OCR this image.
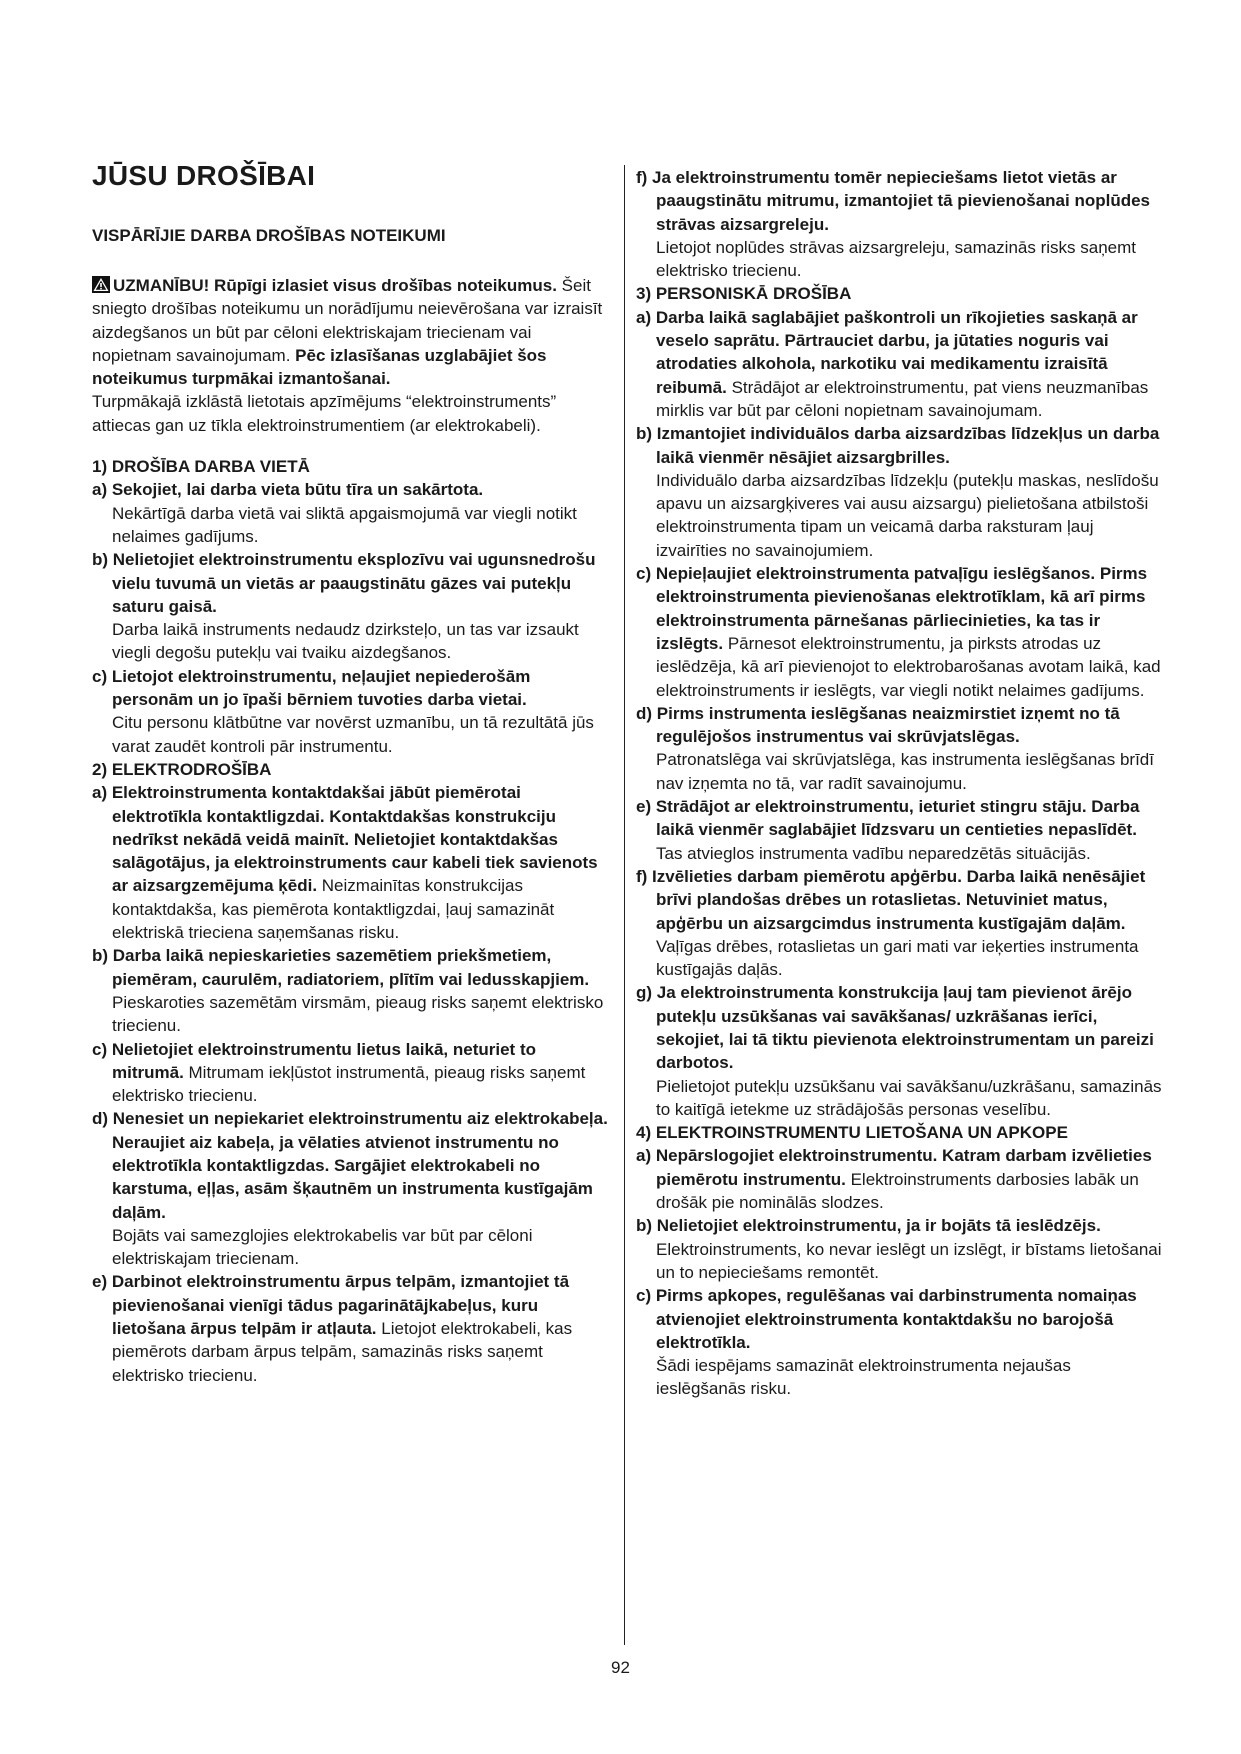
JŪSU DROŠĪBAI
VISPĀRĪJIE DARBA DROŠĪBAS NOTEIKUMI

UZMANĪBU! Rūpīgi izlasiet visus drošības noteikumus. Šeit sniegto drošības noteikumu un norādījumu neievērošana var izraisīt aizdegšanos un būt par cēloni elektriskajam triecienam vai nopietnam savainojumam. Pēc izlasīšanas uzglabājiet šos noteikumus turpmākai izmantošanai.

Turpmākajā izklāstā lietotais apzīmējums “elektroinstruments” attiecas gan uz tīkla elektroinstrumentiem (ar elektrokabeli).

1) DROŠĪBA DARBA VIETĀ

a) Sekojiet, lai darba vieta būtu tīra un sakārtota.
Nekārtīgā darba vietā vai sliktā apgaismojumā var viegli notikt nelaimes gadījums.

b) Nelietojiet elektroinstrumentu eksplozīvu vai ugunsnedrošu vielu tuvumā un vietās ar paaugstinātu gāzes vai putekļu saturu gaisā.
Darba laikā instruments nedaudz dzirksteļo, un tas var izsaukt viegli degošu putekļu vai tvaiku aizdegšanos.

c) Lietojot elektroinstrumentu, neļaujiet nepiederošām personām un jo īpaši bērniem tuvoties darba vietai.
Citu personu klātbūtne var novērst uzmanību, un tā rezultātā jūs varat zaudēt kontroli pār instrumentu.

2) ELEKTRODROŠĪBA

a) Elektroinstrumenta kontaktdakšai jābūt piemērotai elektrotīkla kontaktligzdai. Kontaktdakšas konstrukciju nedrīkst nekādā veidā mainīt. Nelietojiet kontaktdakšas salāgotājus, ja elektroinstruments caur kabeli tiek savienots ar aizsargzemējuma ķēdi. Neizmainītas konstrukcijas kontaktdakša, kas piemērota kontaktligzdai, ļauj samazināt elektriskā trieciena saņemšanas risku.

b) Darba laikā nepieskarieties sazemētiem priekšmetiem, piemēram, caurulēm, radiatoriem, plītīm vai ledusskapjiem. Pieskaroties sazemētām virsmām, pieaug risks saņemt elektrisko triecienu.

c) Nelietojiet elektroinstrumentu lietus laikā, neturiet to mitrumā. Mitrumam iekļūstot instrumentā, pieaug risks saņemt elektrisko triecienu.

d) Nenesiet un nepiekariet elektroinstrumentu aiz elektrokabeļa. Neraujiet aiz kabeļa, ja vēlaties atvienot instrumentu no elektrotīkla kontaktligzdas. Sargājiet elektrokabeli no karstuma, eļļas, asām šķautnēm un instrumenta kustīgajām daļām.
Bojāts vai samezglojies elektrokabelis var būt par cēloni elektriskajam triecienam.

e) Darbinot elektroinstrumentu ārpus telpām, izmantojiet tā pievienošanai vienīgi tādus pagarinātājkabeļus, kuru lietošana ārpus telpām ir atļauta. Lietojot elektrokabeli, kas piemērots darbam ārpus telpām, samazinās risks saņemt elektrisko triecienu.

f) Ja elektroinstrumentu tomēr nepieciešams lietot vietās ar paaugstinātu mitrumu, izmantojiet tā pievienošanai noplūdes strāvas aizsargreleju.
Lietojot noplūdes strāvas aizsargreleju, samazinās risks saņemt elektrisko triecienu.

3) PERSONISKĀ DROŠĪBA

a) Darba laikā saglabājiet paškontroli un rīkojieties saskaņā ar veselo saprātu. Pārtrauciet darbu, ja jūtaties noguris vai atrodaties alkohola, narkotiku vai medikamentu izraisītā reibumā. Strādājot ar elektroinstrumentu, pat viens neuzmanības mirklis var būt par cēloni nopietnam savainojumam.

b) Izmantojiet individuālos darba aizsardzības līdzekļus un darba laikā vienmēr nēsājiet aizsargbrilles.
Individuālo darba aizsardzības līdzekļu (putekļu maskas, neslīdošu apavu un aizsargķiveres vai ausu aizsargu) pielietošana atbilstoši elektroinstrumenta tipam un veicamā darba raksturam ļauj izvairīties no savainojumiem.

c) Nepieļaujiet elektroinstrumenta patvaļīgu ieslēgšanos. Pirms elektroinstrumenta pievienošanas elektrotīklam, kā arī pirms elektroinstrumenta pārnešanas pārliecinieties, ka tas ir izslēgts. Pārnesot elektroinstrumentu, ja pirksts atrodas uz ieslēdzēja, kā arī pievienojot to elektrobarošanas avotam laikā, kad elektroinstruments ir ieslēgts, var viegli notikt nelaimes gadījums.

d) Pirms instrumenta ieslēgšanas neaizmirstiet izņemt no tā regulējošos instrumentus vai skrūvjatslēgas.
Patronatslēga vai skrūvjatslēga, kas instrumenta ieslēgšanas brīdī nav izņemta no tā, var radīt savainojumu.

e) Strādājot ar elektroinstrumentu, ieturiet stingru stāju. Darba laikā vienmēr saglabājiet līdzsvaru un centieties nepaslīdēt. Tas atvieglos instrumenta vadību neparedzētās situācijās.

f) Izvēlieties darbam piemērotu apģērbu. Darba laikā nenēsājiet brīvi plandošas drēbes un rotaslietas. Netuviniet matus, apģērbu un aizsargcimdus instrumenta kustīgajām daļām. Vaļīgas drēbes, rotaslietas un gari mati var ieķerties instrumenta kustīgajās daļās.

g) Ja elektroinstrumenta konstrukcija ļauj tam pievienot ārējo putekļu uzsūkšanas vai savākšanas/ uzkrāšanas ierīci, sekojiet, lai tā tiktu pievienota elektroinstrumentam un pareizi darbotos.
Pielietojot putekļu uzsūkšanu vai savākšanu/uzkrāšanu, samazinās to kaitīgā ietekme uz strādājošās personas veselību.

4) ELEKTROINSTRUMENTU LIETOŠANA UN APKOPE

a) Nepārslogojiet elektroinstrumentu. Katram darbam izvēlieties piemērotu instrumentu. Elektroinstruments darbosies labāk un drošāk pie nominālās slodzes.

b) Nelietojiet elektroinstrumentu, ja ir bojāts tā ieslēdzējs. Elektroinstruments, ko nevar ieslēgt un izslēgt, ir bīstams lietošanai un to nepieciešams remontēt.

c) Pirms apkopes, regulēšanas vai darbinstrumenta nomaiņas atvienojiet elektroinstrumenta kontaktdakšu no barojošā elektrotīkla.
Šādi iespējams samazināt elektroinstrumenta nejaušas ieslēgšanās risku.

92
